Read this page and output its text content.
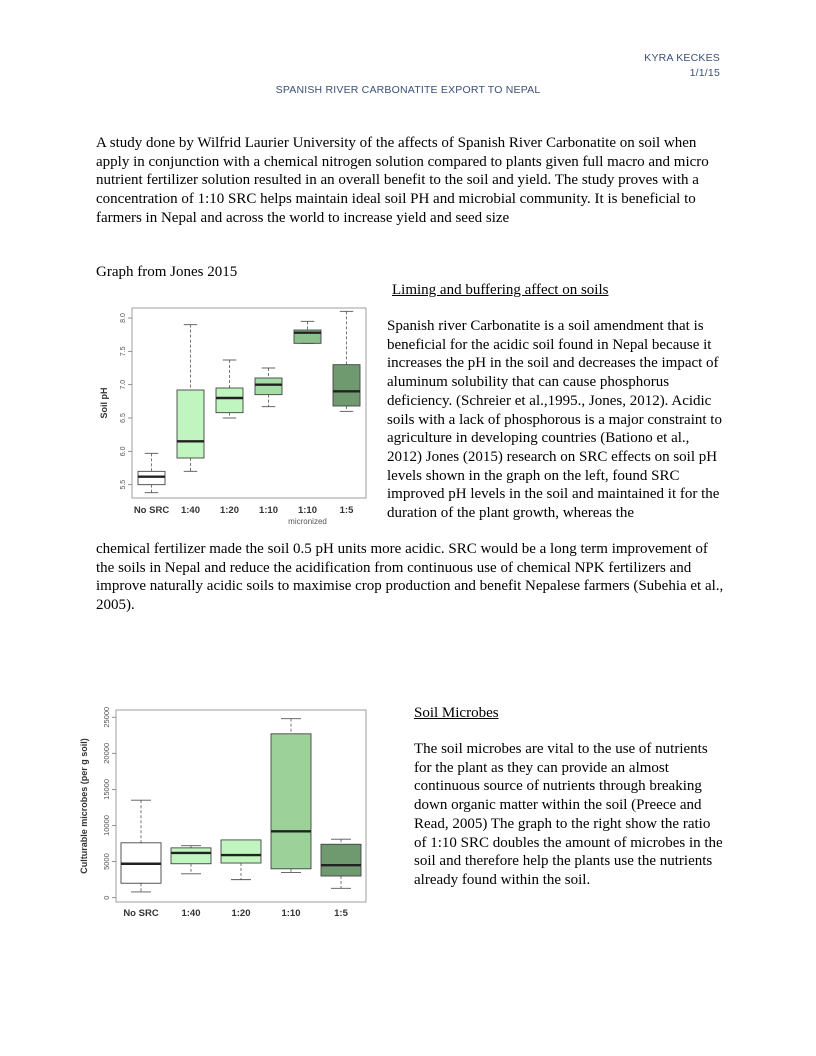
KYRA KECKES
1/1/15
SPANISH RIVER CARBONATITE EXPORT TO NEPAL

A study done by Wilfrid Laurier University of the affects of Spanish River Carbonatite on soil when apply in conjunction with a chemical nitrogen solution compared to plants given full macro and micro nutrient fertilizer solution resulted in an overall benefit to the soil and yield. The study proves with a concentration of 1:10 SRC helps maintain ideal soil PH and microbial community. It is beneficial to farmers in Nepal and across the world to increase yield and seed size

Graph from Jones 2015
5.5
6.0
6.5
7.0
7.5
8.0
Soil pH
No SRC 1:40 1:20 1:10 1:10 1:5
micronized
Liming and buffering affect on soils

Spanish river Carbonatite is a soil amendment that is beneficial for the acidic soil found in Nepal because it increases the pH in the soil and decreases the impact of aluminum solubility that can cause phosphorus deficiency. (Schreier et al.,1995., Jones, 2012). Acidic soils with a lack of phosphorous is a major constraint to agriculture in developing countries (Bationo et al., 2012) Jones (2015) research on SRC effects on soil pH levels shown in the graph on the left, found SRC improved pH levels in the soil and maintained it for the duration of the plant growth, whereas the

chemical fertilizer made the soil 0.5 pH units more acidic. SRC would be a long term improvement of the soils in Nepal and reduce the acidification from continuous use of chemical NPK fertilizers and improve naturally acidic soils to maximise crop production and benefit Nepalese farmers (Subehia et al., 2005).

0
5000
10000
15000
20000
25000
Culturable microbes (per g soil)
No SRC 1:40	1:20	1:10	1:5
Soil Microbes

The soil microbes are vital to the use of nutrients for the plant as they can provide an almost continuous source of nutrients through breaking down organic matter within the soil (Preece and Read, 2005) The graph to the right show the ratio of 1:10 SRC doubles the amount of microbes in the soil and therefore help the plants use the nutrients already found within the soil.
